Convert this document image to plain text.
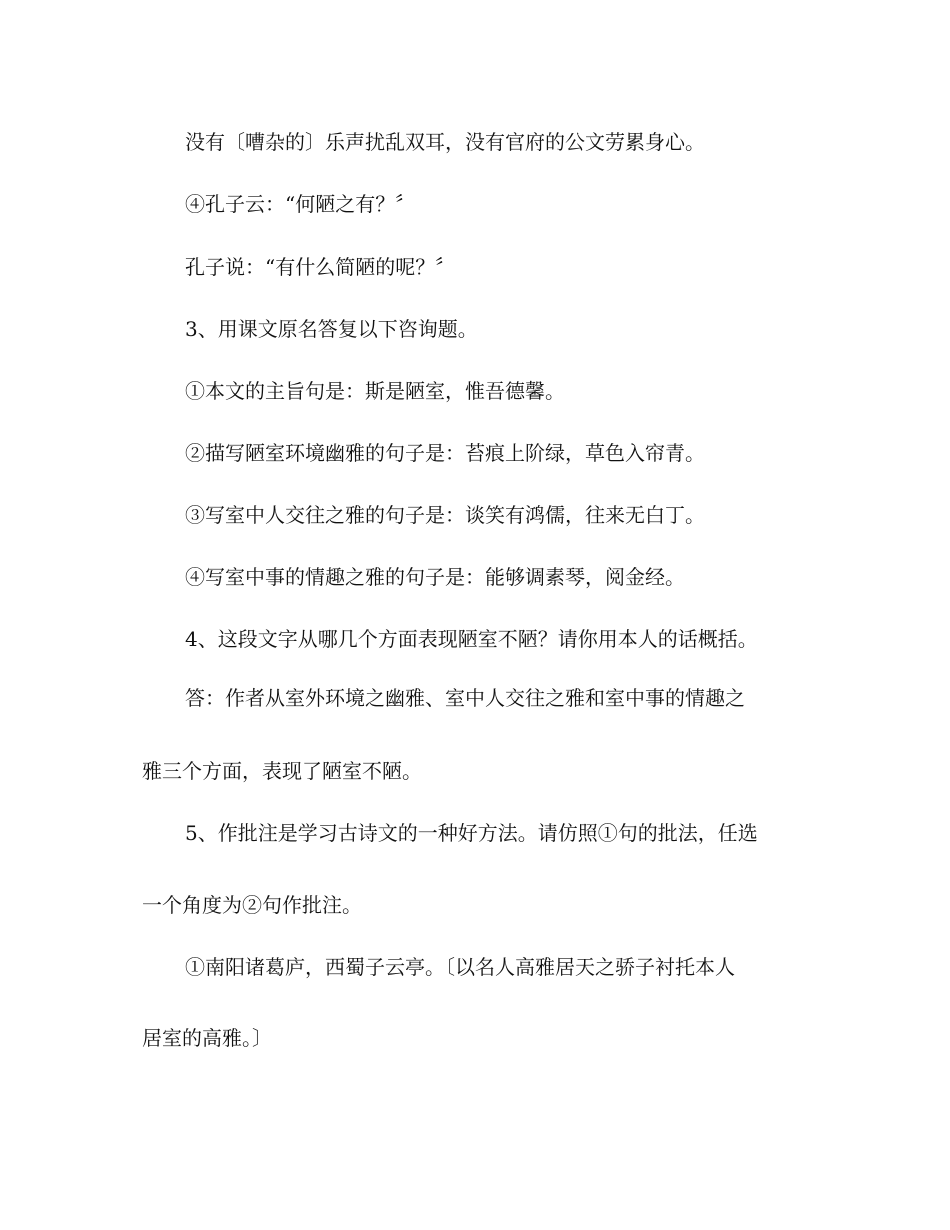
没有〔嘈杂的〕乐声扰乱双耳，没有官府的公文劳累身心。
④孔子云：“何陋之有？〞
孔子说：“有什么简陋的呢？〞
3、用课文原名答复以下咨询题。
①本文的主旨句是：斯是陋室，惟吾德馨。
②描写陋室环境幽雅的句子是：苔痕上阶绿，草色入帘青。
③写室中人交往之雅的句子是：谈笑有鸿儒，往来无白丁。
④写室中事的情趣之雅的句子是：能够调素琴，阅金经。
4、这段文字从哪几个方面表现陋室不陋？请你用本人的话概括。
答：作者从室外环境之幽雅、室中人交往之雅和室中事的情趣之
雅三个方面，表现了陋室不陋。
5、作批注是学习古诗文的一种好方法。请仿照①句的批法，任选
一个角度为②句作批注。
①南阳诸葛庐，西蜀子云亭。〔以名人高雅居天之骄子衬托本人
居室的高雅。〕
